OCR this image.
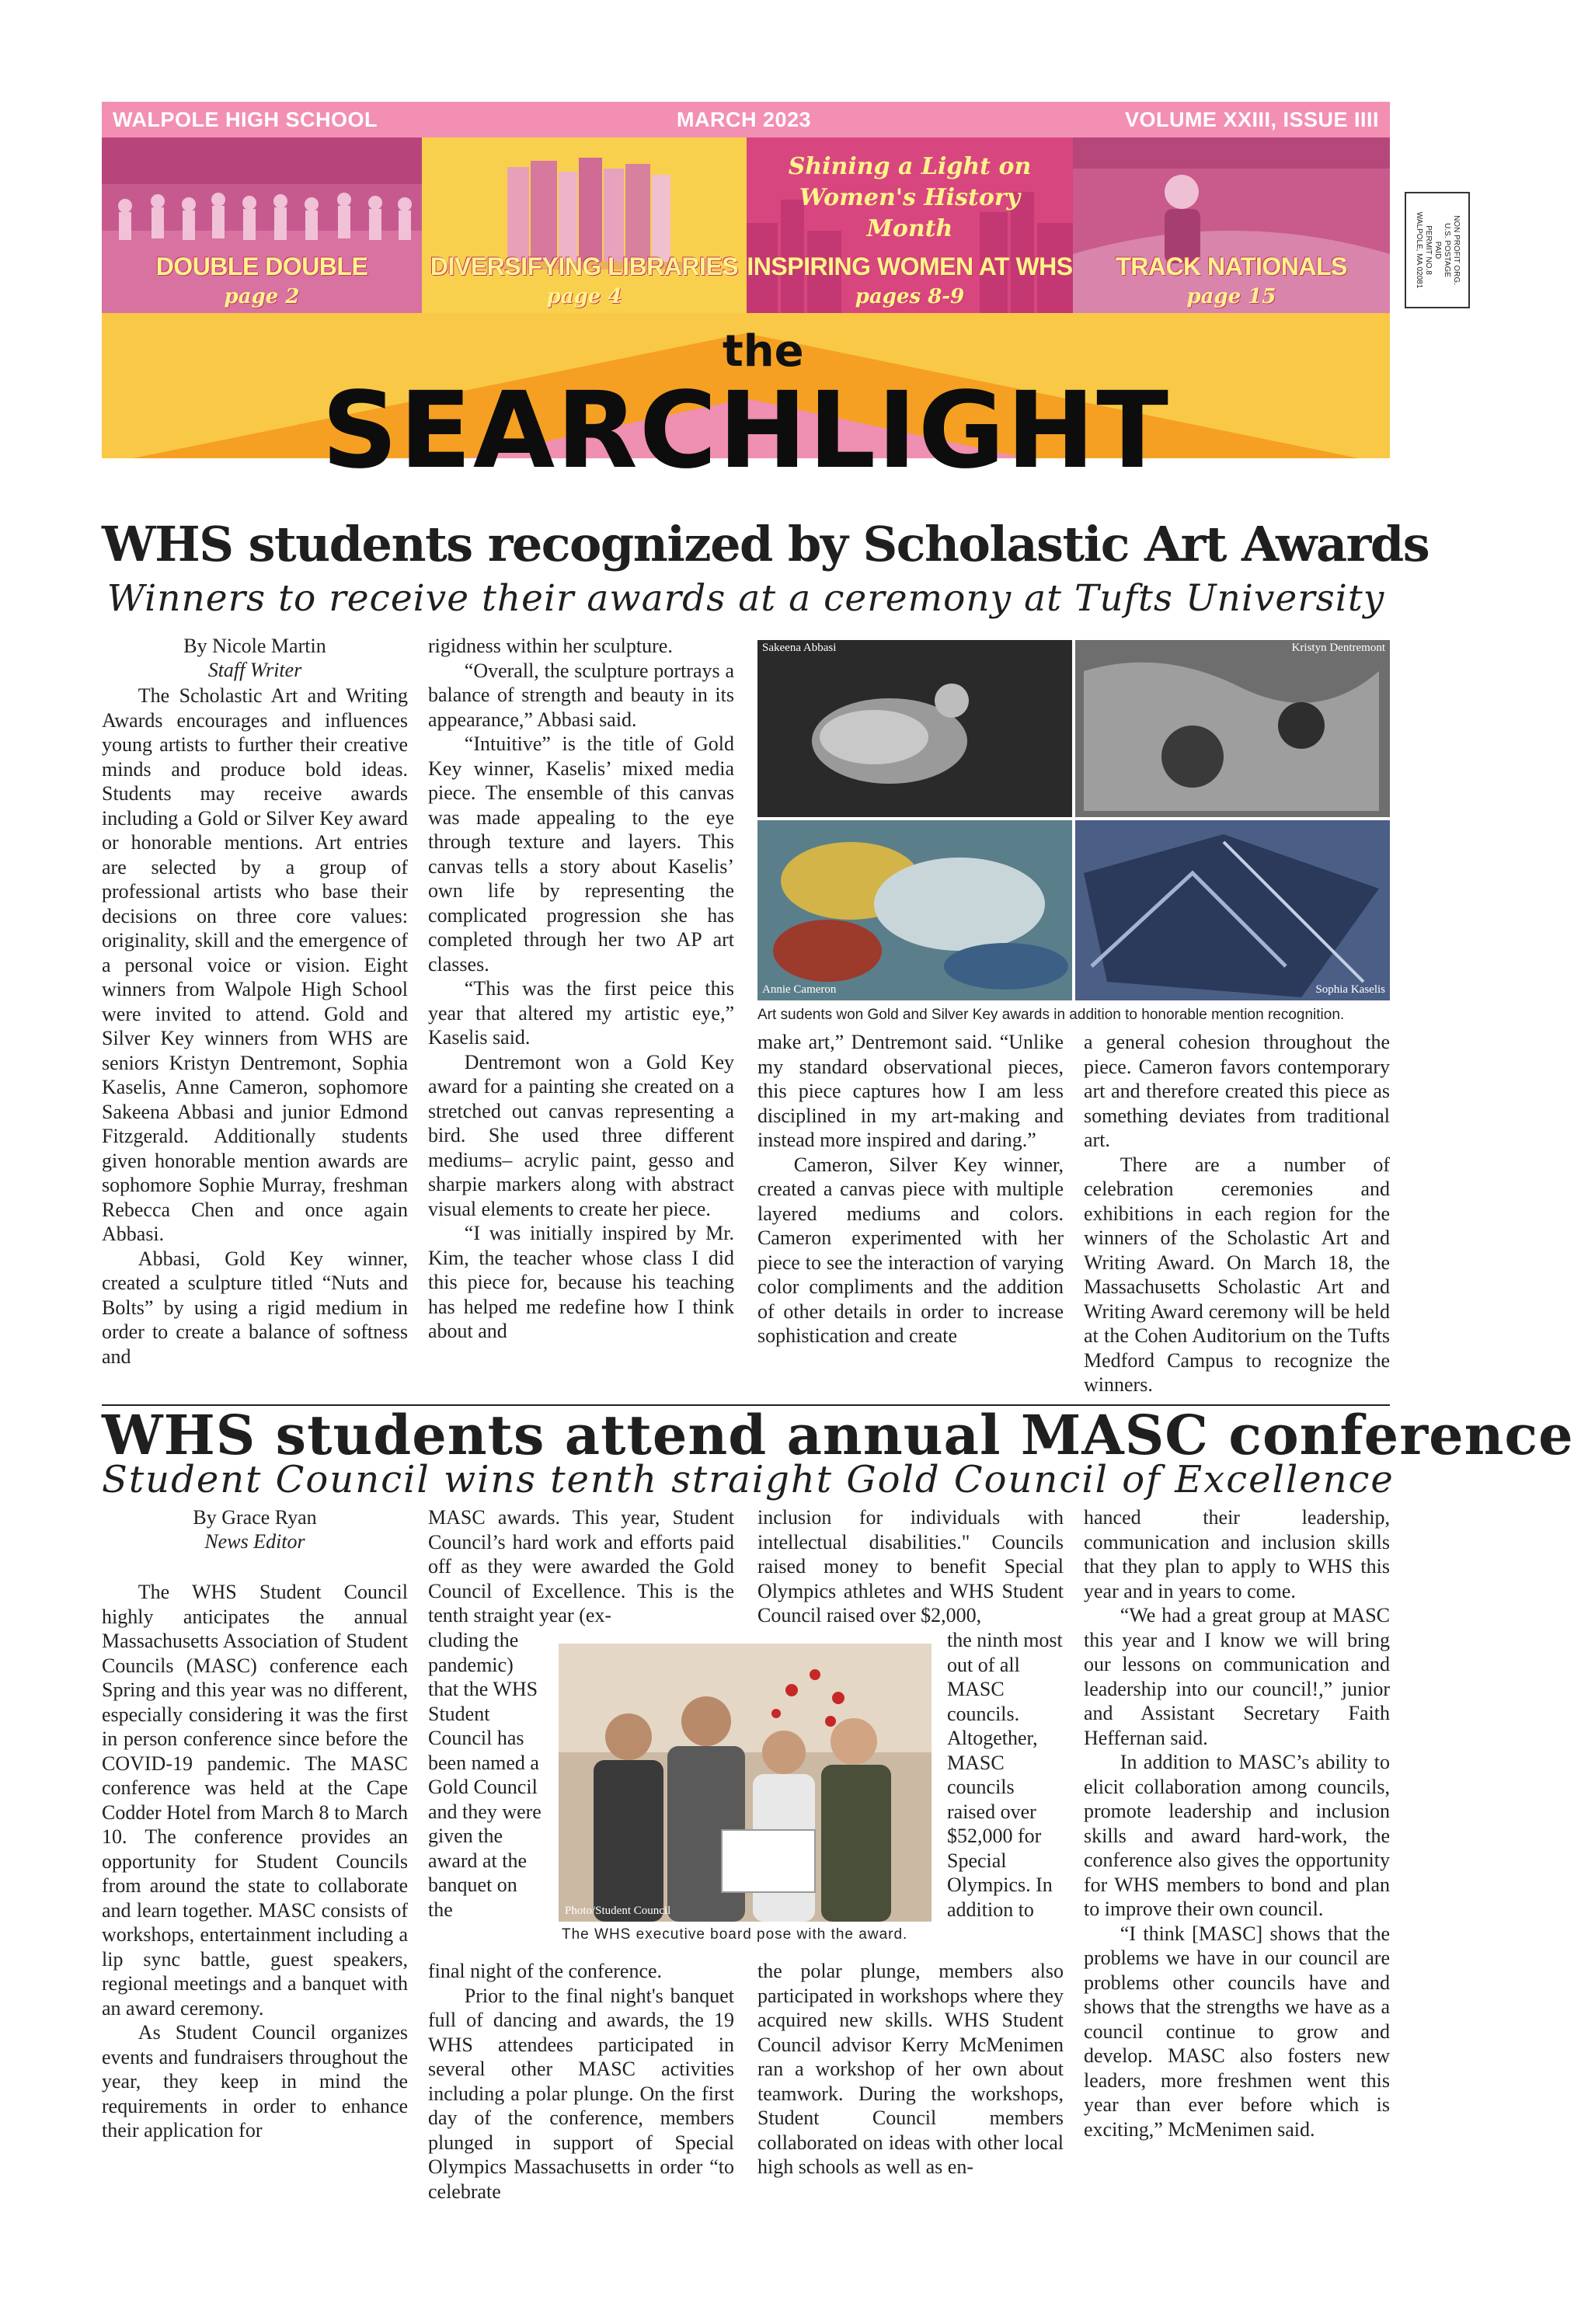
WALPOLE HIGH SCHOOL	MARCH 2023	VOLUME XXIII, ISSUE IIII
DOUBLE DOUBLE
page 2
DIVERSIFYING LIBRARIES
page 4
Shining a Light on Women's History Month
INSPIRING WOMEN AT WHS
pages 8-9
TRACK NATIONALS
page 15
the
SEARCHLIGHT
NON PROFIT ORG.
U.S. POSTAGE
PAID
PERMIT NO.8
WALPOLE, MA 02081
WHS students recognized by Scholastic Art Awards
Winners to receive their awards at a ceremony at Tufts University
By Nicole Martin
Staff Writer

The Scholastic Art and Writing Awards encourages and influences young artists to further their creative minds and produce bold ideas. Students may receive awards including a Gold or Silver Key award or honorable mentions. Art entries are selected by a group of professional artists who base their decisions on three core values: originality, skill and the emergence of a personal voice or vision. Eight winners from Walpole High School were invited to attend. Gold and Silver Key winners from WHS are seniors Kristyn Dentremont, Sophia Kaselis, Anne Cameron, sophomore Sakeena Abbasi and junior Edmond Fitzgerald. Additionally students given honorable mention awards are sophomore Sophie Murray, freshman Rebecca Chen and once again Abbasi.

Abbasi, Gold Key winner, created a sculpture titled “Nuts and Bolts” by using a rigid medium in order to create a balance of softness and

rigidness within her sculpture.

“Overall, the sculpture portrays a balance of strength and beauty in its appearance,” Abbasi said.

“Intuitive” is the title of Gold Key winner, Kaselis’ mixed media piece. The ensemble of this canvas was made appealing to the eye through texture and layers. This canvas tells a story about Kaselis’ own life by representing the complicated progression she has completed through her two AP art classes.

“This was the first peice this year that altered my artistic eye,” Kaselis said.

Dentremont won a Gold Key award for a painting she created on a stretched out canvas representing a bird. She used three different mediums– acrylic paint, gesso and sharpie markers along with abstract visual elements to create her piece.

“I was initially inspired by Mr. Kim, the teacher whose class I did this piece for, because his teaching has helped me redefine how I think about and

Sakeena Abbasi	Kristyn Dentremont
Annie Cameron	Sophia Kaselis
Art sudents won Gold and Silver Key awards in addition to honorable mention recognition.

make art,” Dentremont said. “Unlike my standard observational pieces, this piece captures how I am less disciplined in my art-making and instead more inspired and daring.”

Cameron, Silver Key winner, created a canvas piece with multiple layered mediums and colors. Cameron experimented with her piece to see the interaction of varying color compliments and the addition of other details in order to increase sophistication and create

a general cohesion throughout the piece. Cameron favors contemporary art and therefore created this piece as something deviates from traditional art.

There are a number of celebration ceremonies and exhibitions in each region for the winners of the Scholastic Art and Writing Award. On March 18, the Massachusetts Scholastic Art and Writing Award ceremony will be held at the Cohen Auditorium on the Tufts Medford Campus to recognize the winners.

WHS students attend annual MASC conference
Student Council wins tenth straight Gold Council of Excellence
By Grace Ryan
News Editor

The WHS Student Council highly anticipates the annual Massachusetts Association of Student Councils (MASC) conference each Spring and this year was no different, especially considering it was the first in person conference since before the COVID-19 pandemic. The MASC conference was held at the Cape Codder Hotel from March 8 to March 10. The conference provides an opportunity for Student Councils from around the state to collaborate and learn together. MASC consists of workshops, entertainment including a lip sync battle, guest speakers, regional meetings and a banquet with an award ceremony.

As Student Council organizes events and fundraisers throughout the year, they keep in mind the requirements in order to enhance their application for

MASC awards. This year, Student Council’s hard work and efforts paid off as they were awarded the Gold Council of Excellence. This is the tenth straight year (ex-

cluding the pandemic) that the WHS Student Council has been named a Gold Council and they were given the award at the banquet on the

final night of the conference.

Prior to the final night's banquet full of dancing and awards, the 19 WHS attendees participated in several other MASC activities including a polar plunge. On the first day of the conference, members plunged in support of Special Olympics Massachusetts in order “to celebrate

Photo/Student Council
The WHS executive board pose with the award.

inclusion for individuals with intellectual disabilities." Councils raised money to benefit Special Olympics athletes and WHS Student Council raised over $2,000,

the ninth most out of all MASC councils. Altogether, MASC councils raised over $52,000 for Special Olympics. In addition to

the polar plunge, members also participated in workshops where they acquired new skills. WHS Student Council advisor Kerry McMenimen ran a workshop of her own about teamwork. During the workshops, Student Council members collaborated on ideas with other local high schools as well as en-

hanced their leadership, communication and inclusion skills that they plan to apply to WHS this year and in years to come.

“We had a great group at MASC this year and I know we will bring our lessons on communication and leadership into our council!,” junior and Assistant Secretary Faith Heffernan said.

In addition to MASC’s ability to elicit collaboration among councils, promote leadership and inclusion skills and award hard-work, the conference also gives the opportunity for WHS members to bond and plan to improve their own council.

“I think [MASC] shows that the problems we have in our council are problems other councils have and shows that the strengths we have as a council continue to grow and develop. MASC also fosters new leaders, more freshmen went this year than ever before which is exciting,” McMenimen said.
